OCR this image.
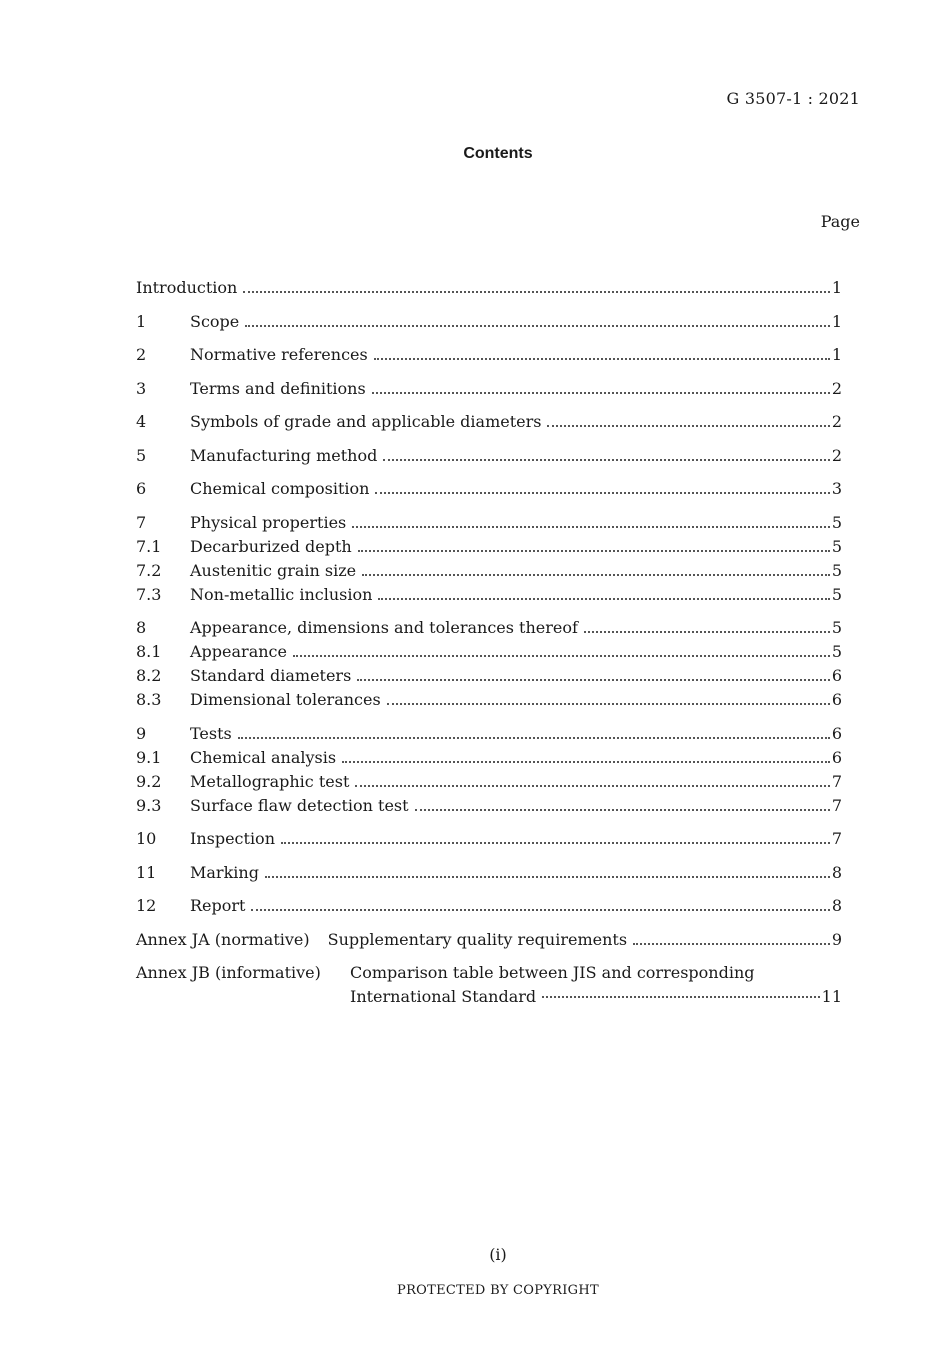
G 3507-1 : 2021
Contents
Page
Introduction	1
1	Scope	1
2	Normative references	1
3	Terms and definitions	2
4	Symbols of grade and applicable diameters	2
5	Manufacturing method	2
6	Chemical composition	3
7	Physical properties	5
7.1	Decarburized depth	5
7.2	Austenitic grain size	5
7.3	Non-metallic inclusion	5
8	Appearance, dimensions and tolerances thereof	5
8.1	Appearance	5
8.2	Standard diameters	6
8.3	Dimensional tolerances	6
9	Tests	6
9.1	Chemical analysis	6
9.2	Metallographic test	7
9.3	Surface flaw detection test	7
10	Inspection	7
11	Marking	8
12	Report	8
Annex JA (normative)	Supplementary quality requirements	9
Annex JB (informative) Comparison table between JIS and corresponding
International Standard	11
(i)
PROTECTED BY COPYRIGHT
